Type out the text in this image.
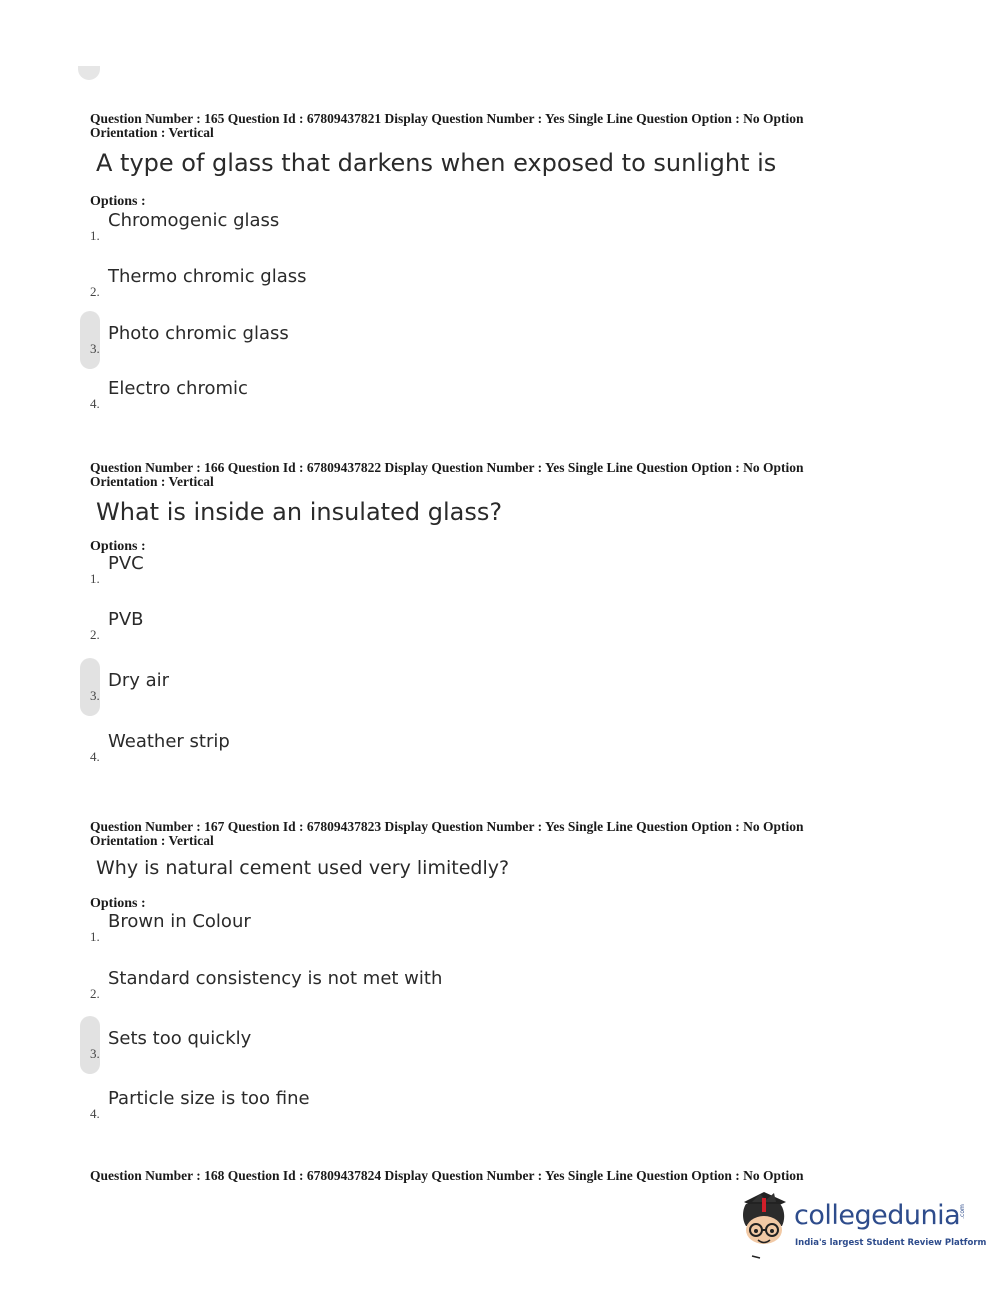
Question Number : 165 Question Id : 67809437821 Display Question Number : Yes Single Line Question Option : No Option

Orientation : Vertical

A type of glass that darkens when exposed to sunlight is

Options :

1.
Chromogenic glass
2.
Thermo chromic glass
3.
Photo chromic glass
4.
Electro chromic

Question Number : 166 Question Id : 67809437822 Display Question Number : Yes Single Line Question Option : No Option

Orientation : Vertical

What is inside an insulated glass?

Options :

1.
PVC
2.
PVB
3.
Dry air
4.
Weather strip

Question Number : 167 Question Id : 67809437823 Display Question Number : Yes Single Line Question Option : No Option

Orientation : Vertical

Why is natural cement used very limitedly?

Options :

1.
Brown in Colour
2.
Standard consistency is not met with
3.
Sets too quickly
4.
Particle size is too fine

Question Number : 168 Question Id : 67809437824 Display Question Number : Yes Single Line Question Option : No Option

collegedunia
.com
India's largest Student Review Platform
